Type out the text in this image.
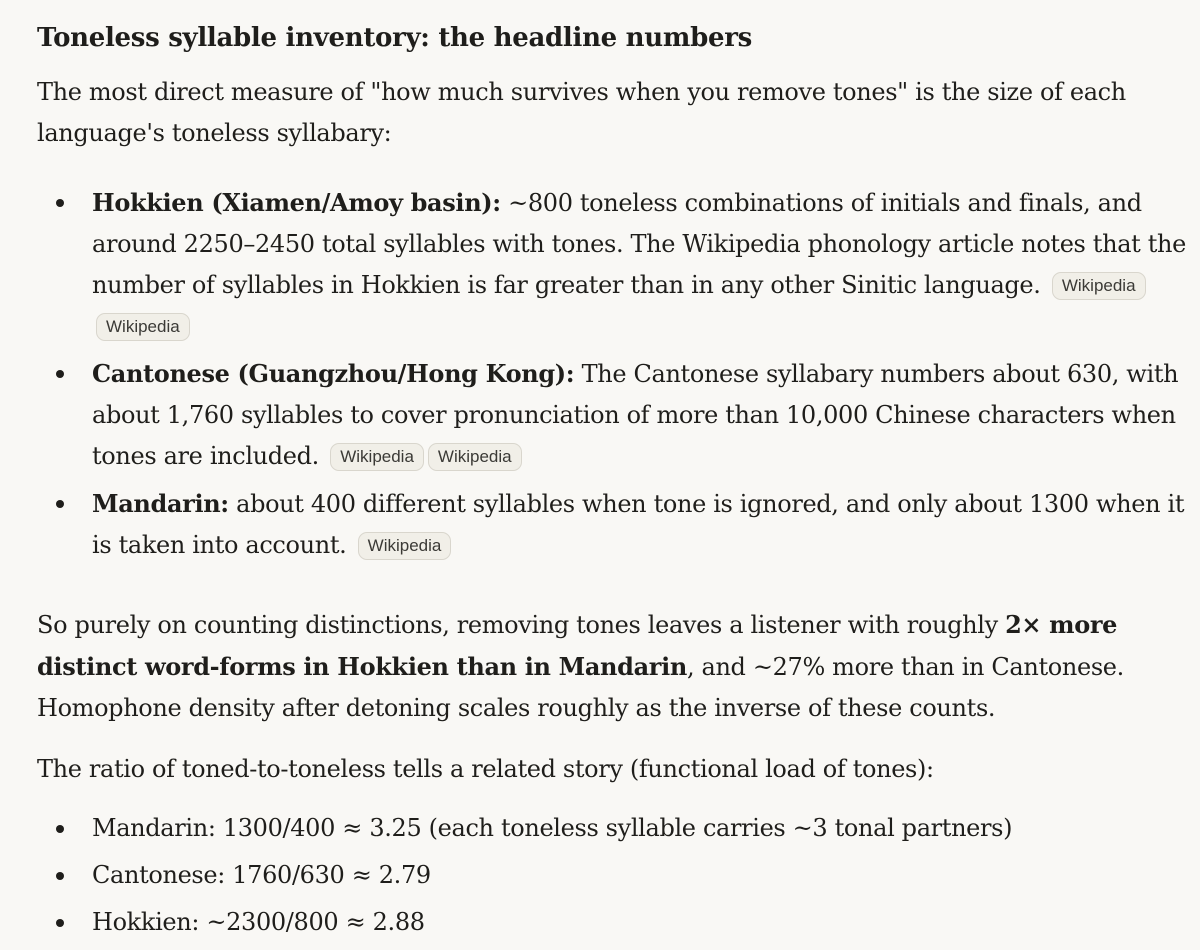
Toneless syllable inventory: the headline numbers

The most direct measure of "how much survives when you remove tones" is the size of each language's toneless syllabary:

Hokkien (Xiamen/Amoy basin): ~800 toneless combinations of initials and finals, and around 2250–2450 total syllables with tones. The Wikipedia phonology article notes that the number of syllables in Hokkien is far greater than in any other Sinitic language. WikipediaWikipedia
Cantonese (Guangzhou/Hong Kong): The Cantonese syllabary numbers about 630, with about 1,760 syllables to cover pronunciation of more than 10,000 Chinese characters when tones are included. Wikipedia Wikipedia
Mandarin: about 400 different syllables when tone is ignored, and only about 1300 when it is taken into account. Wikipedia

So purely on counting distinctions, removing tones leaves a listener with roughly 2× more distinct word-forms in Hokkien than in Mandarin, and ~27% more than in Cantonese. Homophone density after detoning scales roughly as the inverse of these counts.

The ratio of toned-to-toneless tells a related story (functional load of tones):

Mandarin: 1300/400 ≈ 3.25 (each toneless syllable carries ~3 tonal partners)
Cantonese: 1760/630 ≈ 2.79
Hokkien: ~2300/800 ≈ 2.88
